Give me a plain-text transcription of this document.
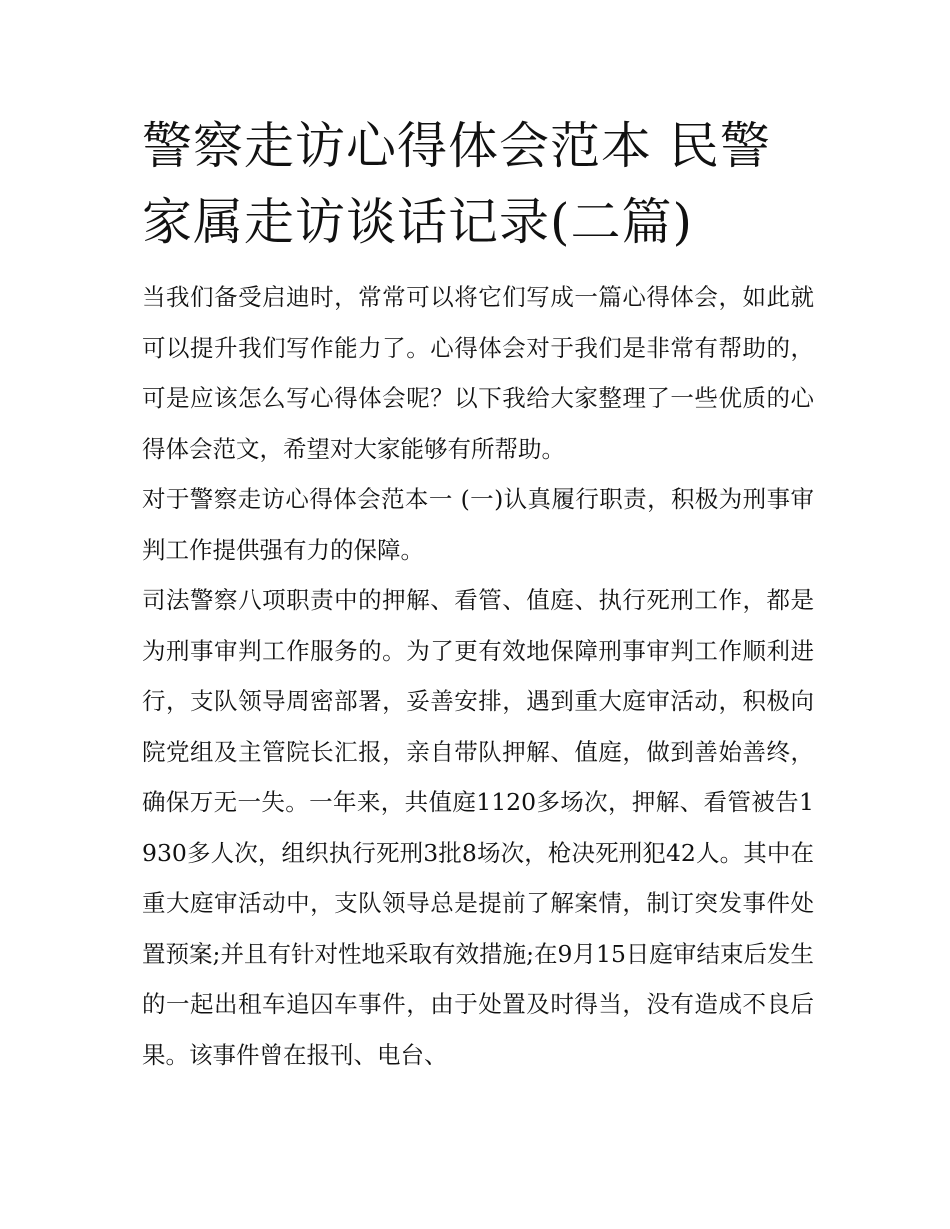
警察走访心得体会范本 民警家属走访谈话记录(二篇)

当我们备受启迪时，常常可以将它们写成一篇心得体会，如此就可以提升我们写作能力了。心得体会对于我们是非常有帮助的，可是应该怎么写心得体会呢？以下我给大家整理了一些优质的心得体会范文，希望对大家能够有所帮助。

对于警察走访心得体会范本一 (一)认真履行职责，积极为刑事审判工作提供强有力的保障。

司法警察八项职责中的押解、看管、值庭、执行死刑工作，都是为刑事审判工作服务的。为了更有效地保障刑事审判工作顺利进行，支队领导周密部署，妥善安排，遇到重大庭审活动，积极向院党组及主管院长汇报，亲自带队押解、值庭，做到善始善终，确保万无一失。一年来，共值庭1120多场次，押解、看管被告1930多人次，组织执行死刑3批8场次，枪决死刑犯42人。其中在重大庭审活动中，支队领导总是提前了解案情，制订突发事件处置预案;并且有针对性地采取有效措施;在9月15日庭审结束后发生的一起出租车追囚车事件，由于处置及时得当，没有造成不良后果。该事件曾在报刊、电台、
